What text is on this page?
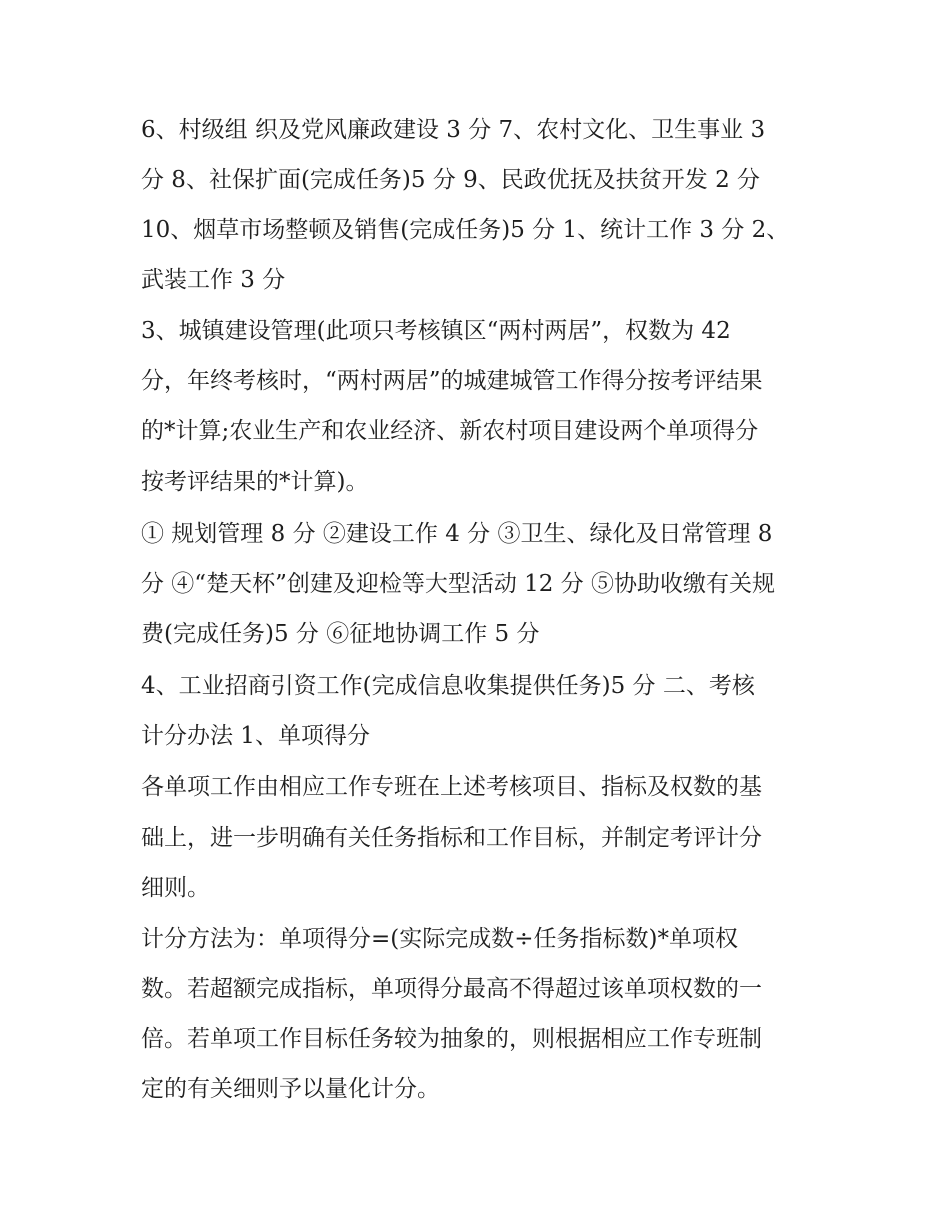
6、村级组 织及党风廉政建设 3 分 7、农村文化、卫生事业 3
分 8、社保扩面(完成任务)5 分 9、民政优抚及扶贫开发 2 分
10、烟草市场整顿及销售(完成任务)5 分 1、统计工作 3 分 2、
武装工作 3 分
3、城镇建设管理(此项只考核镇区“两村两居”，权数为 42
分，年终考核时，“两村两居”的城建城管工作得分按考评结果
的*计算;农业生产和农业经济、新农村项目建设两个单项得分
按考评结果的*计算)。
① 规划管理 8 分 ②建设工作 4 分 ③卫生、绿化及日常管理 8
分 ④“楚天杯”创建及迎检等大型活动 12 分 ⑤协助收缴有关规
费(完成任务)5 分 ⑥征地协调工作 5 分
4、工业招商引资工作(完成信息收集提供任务)5 分 二、考核
计分办法 1、单项得分
各单项工作由相应工作专班在上述考核项目、指标及权数的基
础上，进一步明确有关任务指标和工作目标，并制定考评计分
细则。
计分方法为：单项得分=(实际完成数÷任务指标数)*单项权
数。若超额完成指标，单项得分最高不得超过该单项权数的一
倍。若单项工作目标任务较为抽象的，则根据相应工作专班制
定的有关细则予以量化计分。
